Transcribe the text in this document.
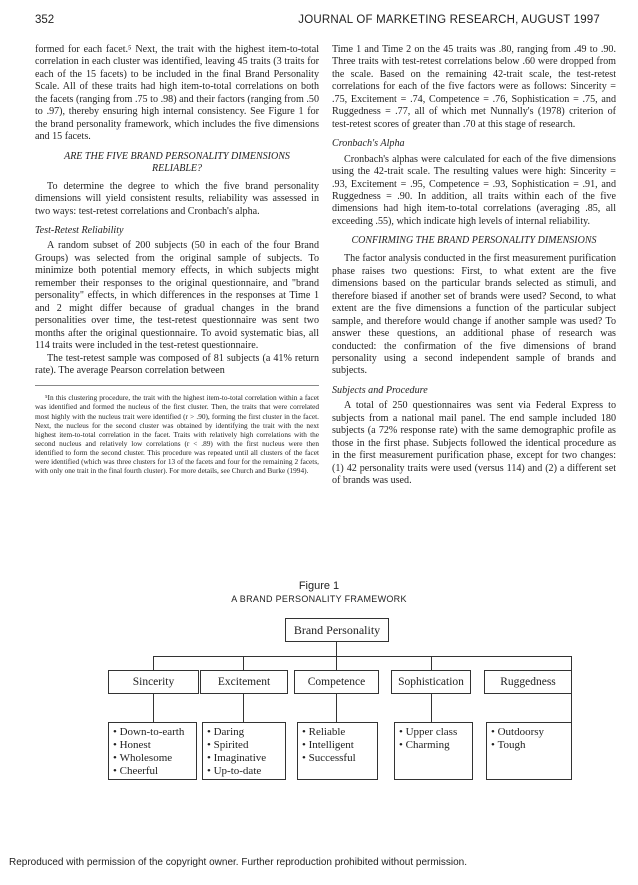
352	JOURNAL OF MARKETING RESEARCH, AUGUST 1997

formed for each facet.⁵ Next, the trait with the highest item-to-total correlation in each cluster was identified, leaving 45 traits (3 traits for each of the 15 facets) to be included in the final Brand Personality Scale. All of these traits had high item-to-total correlations on both the facets (ranging from .75 to .98) and their factors (ranging from .50 to .97), thereby ensuring high internal consistency. See Figure 1 for the brand personality framework, which includes the five dimensions and 15 facets.

ARE THE FIVE BRAND PERSONALITY DIMENSIONS RELIABLE?

To determine the degree to which the five brand personality dimensions will yield consistent results, reliability was assessed in two ways: test-retest correlations and Cronbach's alpha.

Test-Retest Reliability

A random subset of 200 subjects (50 in each of the four Brand Groups) was selected from the original sample of subjects. To minimize both potential memory effects, in which subjects might remember their responses to the original questionnaire, and "brand personality" effects, in which differences in the responses at Time 1 and 2 might differ because of gradual changes in the brand personalities over time, the test-retest questionnaire was sent two months after the original questionnaire. To avoid systematic bias, all 114 traits were included in the test-retest questionnaire.

The test-retest sample was composed of 81 subjects (a 41% return rate). The average Pearson correlation between

⁵In this clustering procedure, the trait with the highest item-to-total correlation within a facet was identified and formed the nucleus of the first cluster. Then, the traits that were correlated most highly with the nucleus trait were identified (r > .90), forming the first cluster in the facet. Next, the nucleus for the second cluster was obtained by identifying the trait with the next highest item-to-total correlation in the facet. Traits with relatively high correlations with the second nucleus and relatively low correlations (r < .89) with the first nucleus were then identified to form the second cluster. This procedure was repeated until all clusters of the facet were identified (which was three clusters for 13 of the facets and four for the remaining 2 facets, with only one trait in the final fourth cluster). For more details, see Church and Burke (1994).

Time 1 and Time 2 on the 45 traits was .80, ranging from .49 to .90. Three traits with test-retest correlations below .60 were dropped from the scale. Based on the remaining 42-trait scale, the test-retest correlations for each of the five factors were as follows: Sincerity = .75, Excitement = .74, Competence = .76, Sophistication = .75, and Ruggedness = .77, all of which met Nunnally's (1978) criterion of test-retest scores of greater than .70 at this stage of research.

Cronbach's Alpha

Cronbach's alphas were calculated for each of the five dimensions using the 42-trait scale. The resulting values were high: Sincerity = .93, Excitement = .95, Competence = .93, Sophistication = .91, and Ruggedness = .90. In addition, all traits within each of the five dimensions had high item-to-total correlations (averaging .85, all exceeding .55), which indicate high levels of internal reliability.

CONFIRMING THE BRAND PERSONALITY DIMENSIONS

The factor analysis conducted in the first measurement purification phase raises two questions: First, to what extent are the five dimensions based on the particular brands selected as stimuli, and therefore biased if another set of brands were used? Second, to what extent are the five dimensions a function of the particular subject sample, and therefore would change if another sample was used? To answer these questions, an additional phase of research was conducted: the confirmation of the five dimensions of brand personality using a second independent sample of brands and subjects.

Subjects and Procedure

A total of 250 questionnaires was sent via Federal Express to subjects from a national mail panel. The end sample included 180 subjects (a 72% response rate) with the same demographic profile as those in the first phase. Subjects followed the identical procedure as in the first measurement purification phase, except for two changes: (1) 42 personality traits were used (versus 114) and (2) a different set of brands was used.

Figure 1
A BRAND PERSONALITY FRAMEWORK
Brand Personality
Sincerity	Excitement	Competence	Sophistication	Ruggedness
• Down-to-earth
• Honest
• Wholesome
• Cheerful
• Daring
• Spirited
• Imaginative
• Up-to-date
• Reliable
• Intelligent
• Successful
• Upper class
• Charming
• Outdoorsy
• Tough
Reproduced with permission of the copyright owner. Further reproduction prohibited without permission.
